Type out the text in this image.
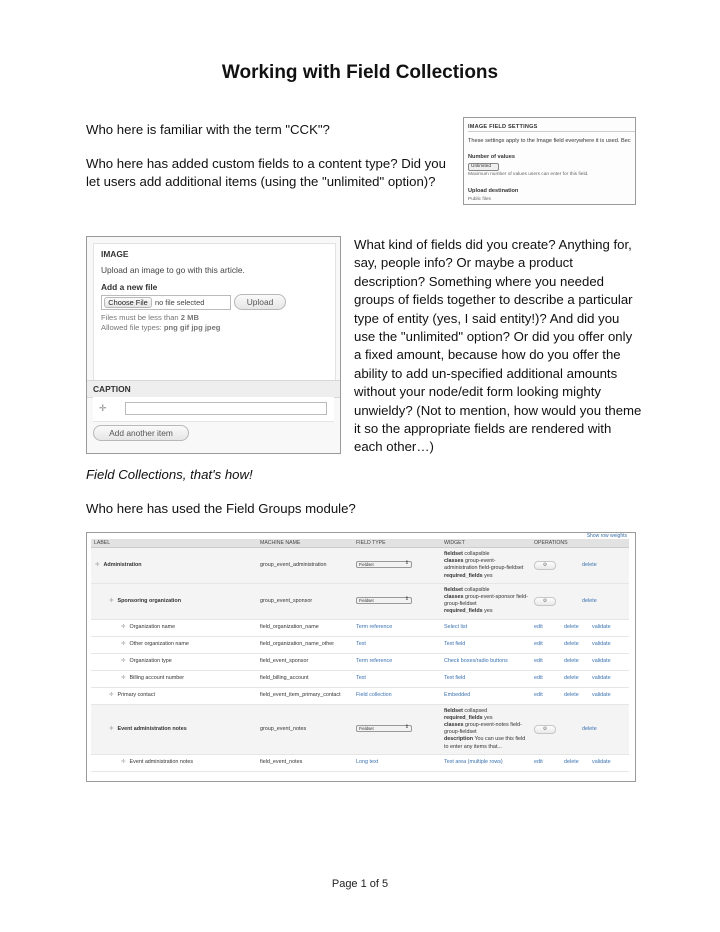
Working with Field Collections

Who here is familiar with the term "CCK"?

Who here has added custom fields to a content type? Did you let users add additional items (using the "unlimited" option)?

IMAGE FIELD SETTINGS
These settings apply to the Image field everywhere it is used. Bec
Number of values
Unlimited
Maximum number of values users can enter for this field.
Upload destination
Public files
IMAGE
Upload an image to go with this article.
Add a new file
Choose File no file selected	Upload
Files must be less than 2 MB
Allowed file types: png gif jpg jpeg
CAPTION
✛
Add another item

What kind of fields did you create? Anything for, say, people info? Or maybe a product description? Something where you needed groups of fields together to describe a particular type of entity (yes, I said entity!)? And did you use the "unlimited" option? Or did you offer only a fixed amount, because how do you offer the ability to add un-specified additional amounts without your node/edit form looking mighty unwieldy? (Not to mention, how would you theme it so the appropriate fields are rendered with each other…)

Field Collections, that's how!

Who here has used the Field Groups module?

Show row weights
LABEL	MACHINE NAME	FIELD TYPE	WIDGET	OPERATIONS
✛ Administration	group_event_administration	Fieldset ⇕	fieldset collapsible
classes group-event-administration field-group-fieldset
required_fields yes	⚙ delete
✛ Sponsoring organization	group_event_sponsor	Fieldset ⇕	fieldset collapsible
classes group-event-sponsor field-group-fieldset
required_fields yes	⚙ delete
✛ Organization name	field_organization_name	Term reference	Select list	edit delete validate
✛ Other organization name	field_organization_name_other	Text	Text field	edit delete validate
✛ Organization type	field_event_sponsor	Term reference	Check boxes/radio buttons	edit delete validate
✛ Billing account number	field_billing_account	Text	Text field	edit delete validate
✛ Primary contact	field_event_item_primary_contact	Field collection	Embedded	edit delete validate
✛ Event administration notes	group_event_notes	Fieldset ⇕	fieldset collapsed
required_fields yes
classes group-event-notes field-group-fieldset
description You can use this field to enter any items that...	⚙ delete
✛ Event administration notes	field_event_notes	Long text	Text area (multiple rows)	edit delete validate
Page 1 of 5
